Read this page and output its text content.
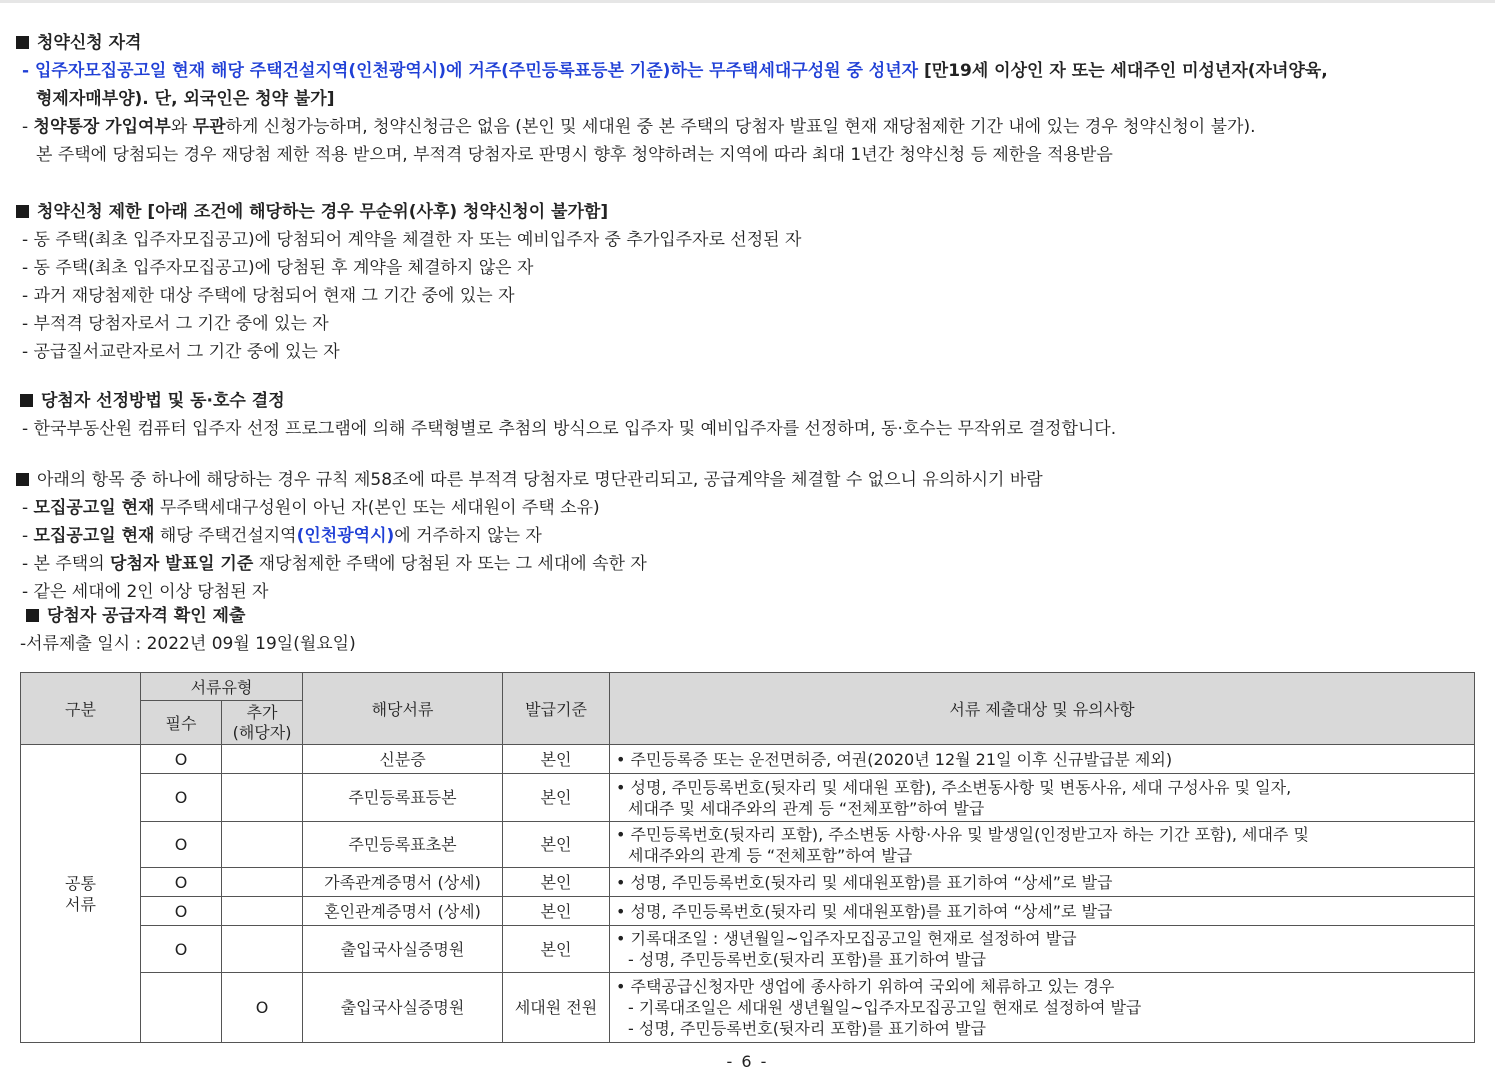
청약신청 자격
- 입주자모집공고일 현재 해당 주택건설지역(인천광역시)에 거주(주민등록표등본 기준)하는 무주택세대구성원 중 성년자 [만19세 이상인 자 또는 세대주인 미성년자(자녀양육,
형제자매부양). 단, 외국인은 청약 불가]
- 청약통장 가입여부와 무관하게 신청가능하며, 청약신청금은 없음 (본인 및 세대원 중 본 주택의 당첨자 발표일 현재 재당첨제한 기간 내에 있는 경우 청약신청이 불가).
본 주택에 당첨되는 경우 재당첨 제한 적용 받으며, 부적격 당첨자로 판명시 향후 청약하려는 지역에 따라 최대 1년간 청약신청 등 제한을 적용받음
청약신청 제한 [아래 조건에 해당하는 경우 무순위(사후) 청약신청이 불가함]
- 동 주택(최초 입주자모집공고)에 당첨되어 계약을 체결한 자 또는 예비입주자 중 추가입주자로 선정된 자
- 동 주택(최초 입주자모집공고)에 당첨된 후 계약을 체결하지 않은 자
- 과거 재당첨제한 대상 주택에 당첨되어 현재 그 기간 중에 있는 자
- 부적격 당첨자로서 그 기간 중에 있는 자
- 공급질서교란자로서 그 기간 중에 있는 자
당첨자 선정방법 및 동·호수 결정
- 한국부동산원 컴퓨터 입주자 선정 프로그램에 의해 주택형별로 추첨의 방식으로 입주자 및 예비입주자를 선정하며, 동·호수는 무작위로 결정합니다.
아래의 항목 중 하나에 해당하는 경우 규칙 제58조에 따른 부적격 당첨자로 명단관리되고, 공급계약을 체결할 수 없으니 유의하시기 바람
- 모집공고일 현재 무주택세대구성원이 아닌 자(본인 또는 세대원이 주택 소유)
- 모집공고일 현재 해당 주택건설지역(인천광역시)에 거주하지 않는 자
- 본 주택의 당첨자 발표일 기준 재당첨제한 주택에 당첨된 자 또는 그 세대에 속한 자
- 같은 세대에 2인 이상 당첨된 자
당첨자 공급자격 확인 제출
-서류제출 일시 : 2022년 09월 19일(월요일)
구분	서류유형		해당서류	발급기준	서류 제출대상 및 유의사항
	필수	추가
(해당자)			

공통
서류	O		신분증	본인	• 주민등록증 또는 운전면허증, 여권(2020년 12월 21일 이후 신규발급분 제외)

	O		주민등록표등본	본인	• 성명, 주민등록번호(뒷자리 및 세대원 포함), 주소변동사항 및 변동사유, 세대 구성사유 및 일자,
세대주 및 세대주와의 관계 등 “전체포함”하여 발급

	O		주민등록표초본	본인	• 주민등록번호(뒷자리 포함), 주소변동 사항·사유 및 발생일(인정받고자 하는 기간 포함), 세대주 및
세대주와의 관계 등 “전체포함”하여 발급

	O		가족관계증명서 (상세)	본인	• 성명, 주민등록번호(뒷자리 및 세대원포함)를 표기하여 “상세”로 발급

	O		혼인관계증명서 (상세)	본인	• 성명, 주민등록번호(뒷자리 및 세대원포함)를 표기하여 “상세”로 발급

	O		출입국사실증명원	본인	• 기록대조일 : 생년월일~입주자모집공고일 현재로 설정하여 발급
- 성명, 주민등록번호(뒷자리 포함)를 표기하여 발급

		O	출입국사실증명원	세대원 전원	• 주택공급신청자만 생업에 종사하기 위하여 국외에 체류하고 있는 경우
- 기록대조일은 세대원 생년월일~입주자모집공고일 현재로 설정하여 발급
- 성명, 주민등록번호(뒷자리 포함)를 표기하여 발급
- 6 -
